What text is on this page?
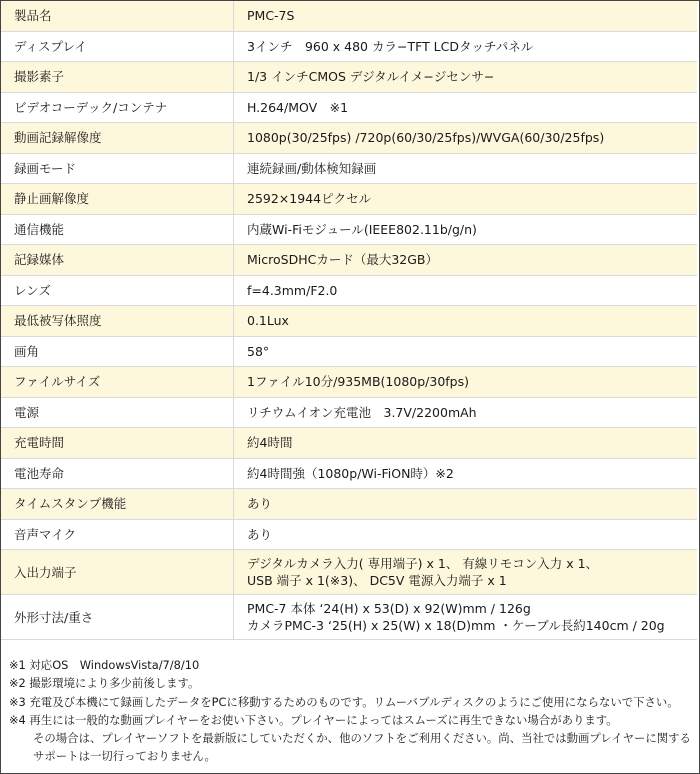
製品名	PMC-7S
ディスプレイ	3インチ　960 x 480 カラ−TFT LCDタッチパネル
撮影素子	1/3 インチCMOS デジタルイメ−ジセンサ−
ビデオコーデック/コンテナ	H.264/MOV　※1
動画記録解像度	1080p(30/25fps) /720p(60/30/25fps)/WVGA(60/30/25fps)
録画モード	連続録画/動体検知録画
静止画解像度	2592×1944ピクセル
通信機能	内蔵Wi-Fiモジュール(IEEE802.11b/g/n)
記録媒体	MicroSDHCカード（最大32GB）
レンズ	f=4.3mm/F2.0
最低被写体照度	0.1Lux
画角	58°
ファイルサイズ	1ファイル10分/935MB(1080p/30fps)
電源	リチウムイオン充電池　3.7V/2200mAh
充電時間	約4時間
電池寿命	約4時間強（1080p/Wi-FiON時）※2
タイムスタンプ機能	あり
音声マイク	あり
入出力端子	デジタルカメラ入力( 専用端子) x 1、 有線リモコン入力 x 1、
USB 端子 x 1(※3)、 DC5V 電源入力端子 x 1

外形寸法/重さ	PMC-7 本体 ‘24(H) x 53(D) x 92(W)mm / 126g
カメラPMC-3 ‘25(H) x 25(W) x 18(D)mm ・ケーブル長約140cm / 20g
※1 対応OS　WindowsVista/7/8/10
※2 撮影環境により多少前後します。
※3 充電及び本機にて録画したデータをPCに移動するためのものです。リムーバブルディスクのようにご使用にならないで下さい。
※4 再生には一般的な動画プレイヤーをお使い下さい。プレイヤーによってはスムーズに再生できない場合があります。
その場合は、プレイヤーソフトを最新版にしていただくか、他のソフトをご利用ください。尚、当社では動画プレイヤーに関する
サポートは一切行っておりません。
